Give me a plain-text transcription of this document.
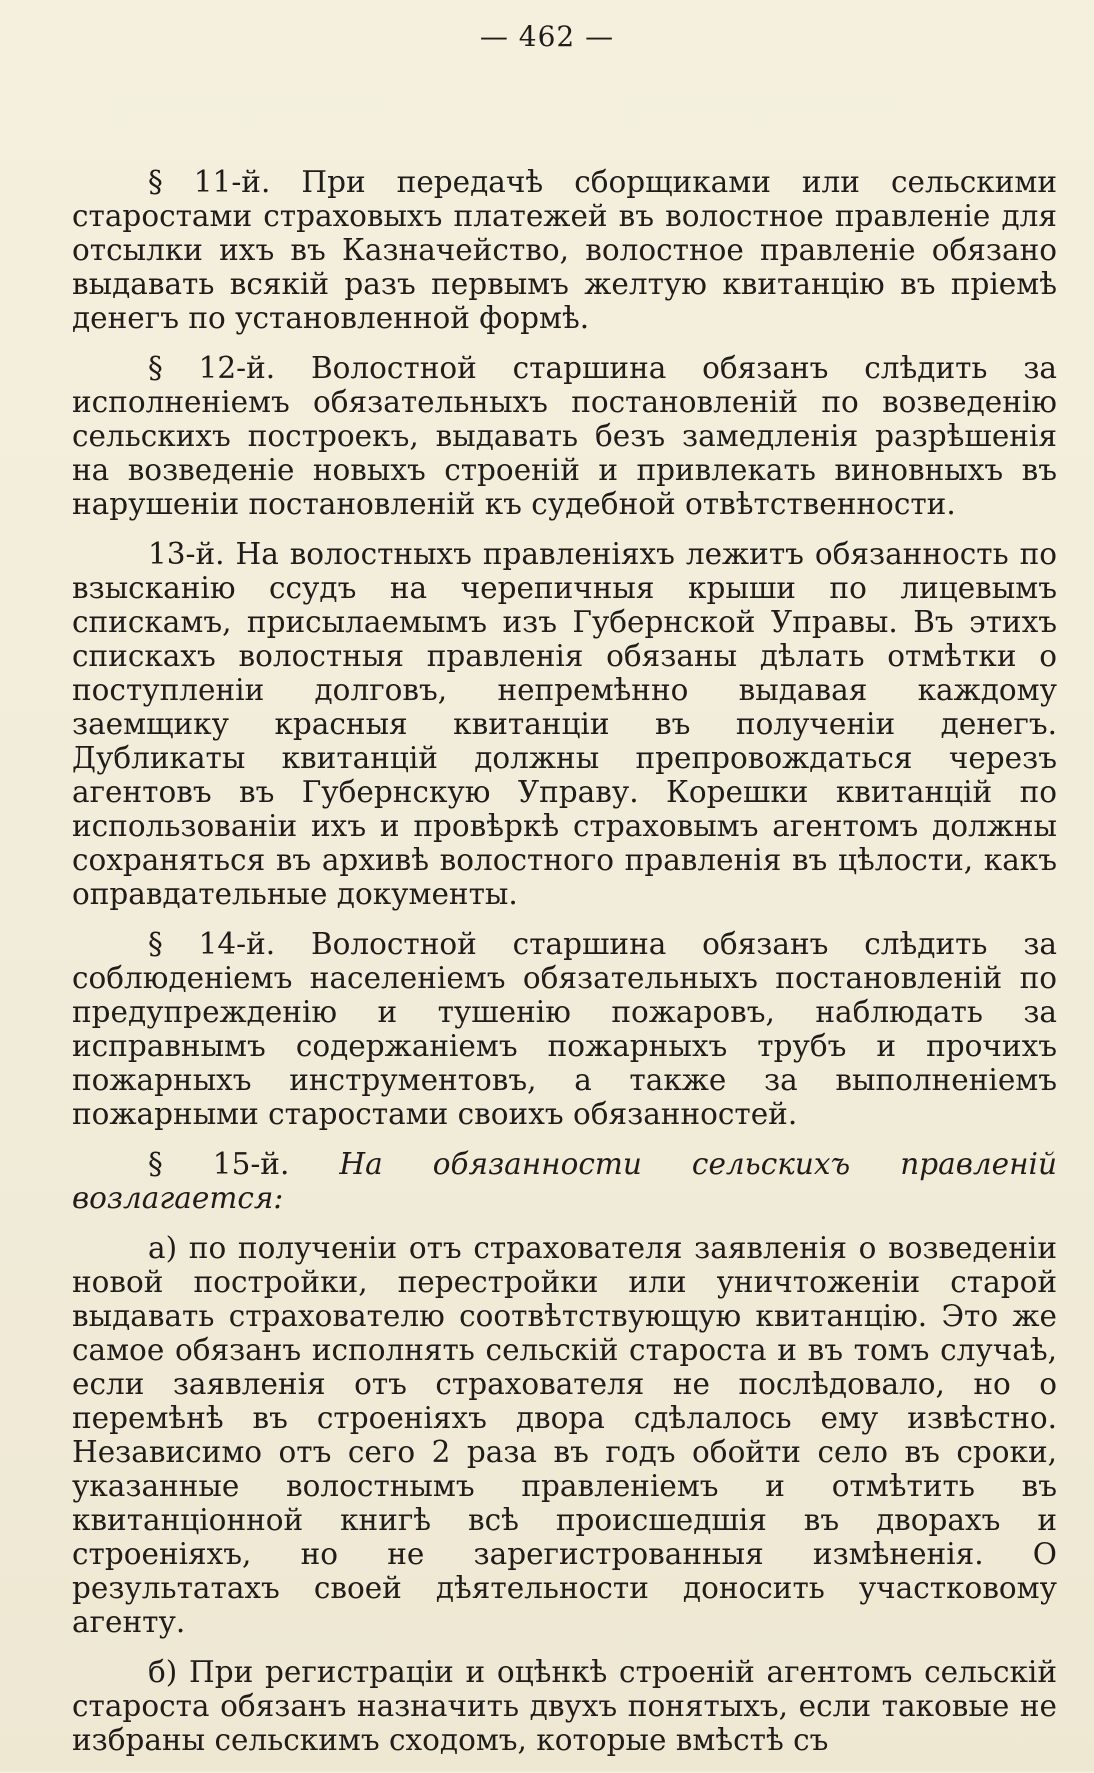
— 462 —

§ 11-й. При передачѣ сборщиками или сельскими старостами страховыхъ платежей въ волостное правленіе для отсылки ихъ въ Казначейство, волостное правленіе обязано выдавать всякій разъ первымъ желтую квитанцію въ пріемѣ денегъ по установленной формѣ.

§ 12-й. Волостной старшина обязанъ слѣдить за исполненіемъ обязательныхъ постановленій по возведенію сельскихъ построекъ, выдавать безъ замедленія разрѣшенія на возведеніе новыхъ строеній и привлекать виновныхъ въ нарушеніи постановленій къ судебной отвѣтственности.

13-й. На волостныхъ правленіяхъ лежитъ обязанность по взысканію ссудъ на черепичныя крыши по лицевымъ спискамъ, присылаемымъ изъ Губернской Управы. Въ этихъ спискахъ волостныя правленія обязаны дѣлать отмѣтки о поступленіи долговъ, непремѣнно выдавая каждому заемщику красныя квитанціи въ полученіи денегъ. Дубликаты квитанцій должны препровождаться черезъ агентовъ въ Губернскую Управу. Корешки квитанцій по использованіи ихъ и провѣркѣ страховымъ агентомъ должны сохраняться въ архивѣ волостного правленія въ цѣлости, какъ оправдательные документы.

§ 14-й. Волостной старшина обязанъ слѣдить за соблюденіемъ населеніемъ обязательныхъ постановленій по предупрежденію и тушенію пожаровъ, наблюдать за исправнымъ содержаніемъ пожарныхъ трубъ и прочихъ пожарныхъ инструментовъ, а также за выполненіемъ пожарными старостами своихъ обязанностей.

§ 15-й. На обязанности сельскихъ правленій возлагается:

а) по полученіи отъ страхователя заявленія о возведеніи новой постройки, перестройки или уничтоженіи старой выдавать страхователю соотвѣтствующую квитанцію. Это же самое обязанъ исполнять сельскій староста и въ томъ случаѣ, если заявленія отъ страхователя не послѣдовало, но о перемѣнѣ въ строеніяхъ двора сдѣлалось ему извѣстно. Независимо отъ сего 2 раза въ годъ обойти село въ сроки, указанные волостнымъ правленіемъ и отмѣтить въ квитанціонной книгѣ всѣ происшедшія въ дворахъ и строеніяхъ, но не зарегистрованныя измѣненія. О результатахъ своей дѣятельности доносить участковому агенту.

б) При регистраціи и оцѣнкѣ строеній агентомъ сельскій староста обязанъ назначить двухъ понятыхъ, если таковые не избраны сельскимъ сходомъ, которые вмѣстѣ съ
